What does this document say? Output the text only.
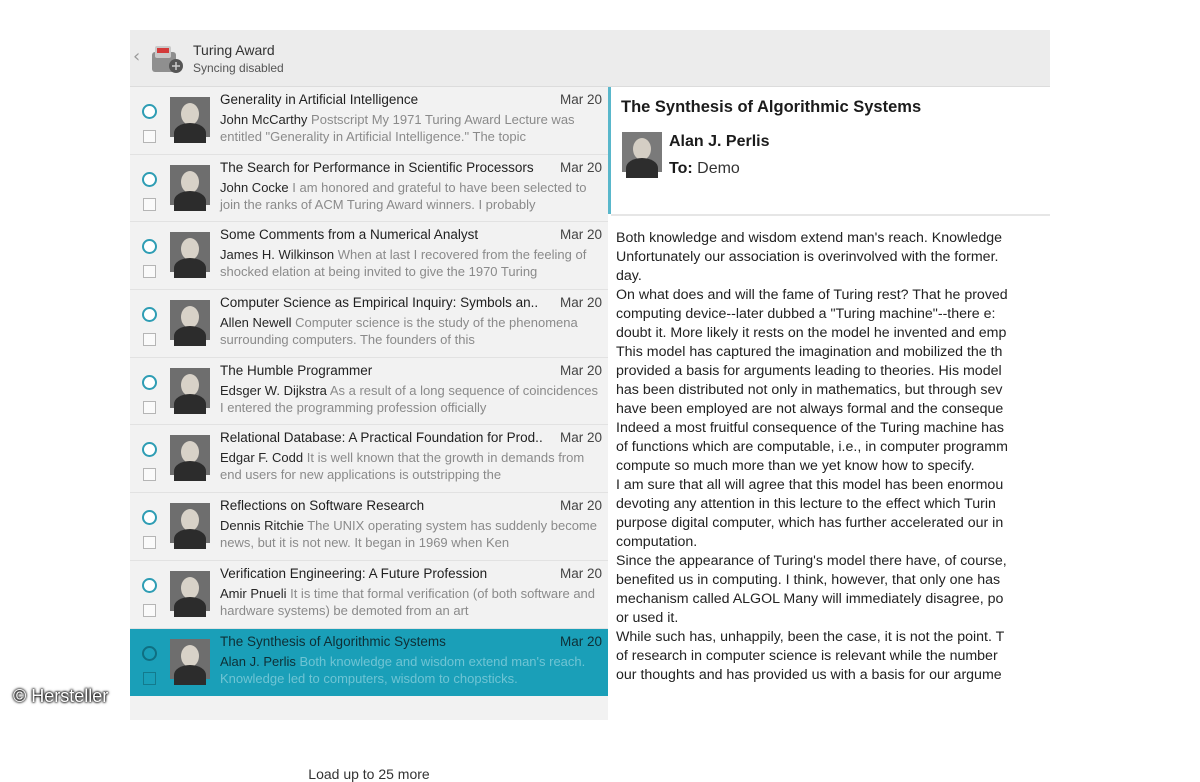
‹	Turing Award
Syncing disabled
Generality in Artificial Intelligence	Mar 20
John McCarthy Postscript My 1971 Turing Award Lecture was entitled "Generality in Artificial Intelligence." The topic
The Search for Performance in Scientific Processors	Mar 20
John Cocke I am honored and grateful to have been selected to join the ranks of ACM Turing Award winners. I probably
Some Comments from a Numerical Analyst	Mar 20
James H. Wilkinson When at last I recovered from the feeling of shocked elation at being invited to give the 1970 Turing
Computer Science as Empirical Inquiry: Symbols an..	Mar 20
Allen Newell Computer science is the study of the phenomena surrounding computers. The founders of this
The Humble Programmer	Mar 20
Edsger W. Dijkstra As a result of a long sequence of coincidences I entered the programming profession officially
Relational Database: A Practical Foundation for Prod..	Mar 20
Edgar F. Codd It is well known that the growth in demands from end users for new applications is outstripping the
Reflections on Software Research	Mar 20
Dennis Ritchie The UNIX operating system has suddenly become news, but it is not new. It began in 1969 when Ken
Verification Engineering: A Future Profession	Mar 20
Amir Pnueli It is time that formal verification (of both software and hardware systems) be demoted from an art
The Synthesis of Algorithmic Systems	Mar 20
Alan J. Perlis Both knowledge and wisdom extend man's reach. Knowledge led to computers, wisdom to chopsticks.
Load up to 25 more
The Synthesis of Algorithmic Systems
Alan J. Perlis
To: Demo

Both knowledge and wisdom extend man's reach. Knowledge

Unfortunately our association is overinvolved with the former.

day.

On what does and will the fame of Turing rest? That he proved

computing device--later dubbed a "Turing machine"--there e:

doubt it. More likely it rests on the model he invented and emp

This model has captured the imagination and mobilized the th

provided a basis for arguments leading to theories. His model

has been distributed not only in mathematics, but through sev

have been employed are not always formal and the conseque

Indeed a most fruitful consequence of the Turing machine has

of functions which are computable, i.e., in computer programm

compute so much more than we yet know how to specify.

I am sure that all will agree that this model has been enormou

devoting any attention in this lecture to the effect which Turin

purpose digital computer, which has further accelerated our in

computation.

Since the appearance of Turing's model there have, of course,

benefited us in computing. I think, however, that only one has

mechanism called ALGOL Many will immediately disagree, po

or used it.

While such has, unhappily, been the case, it is not the point. T

of research in computer science is relevant while the number

our thoughts and has provided us with a basis for our argume

© Hersteller
